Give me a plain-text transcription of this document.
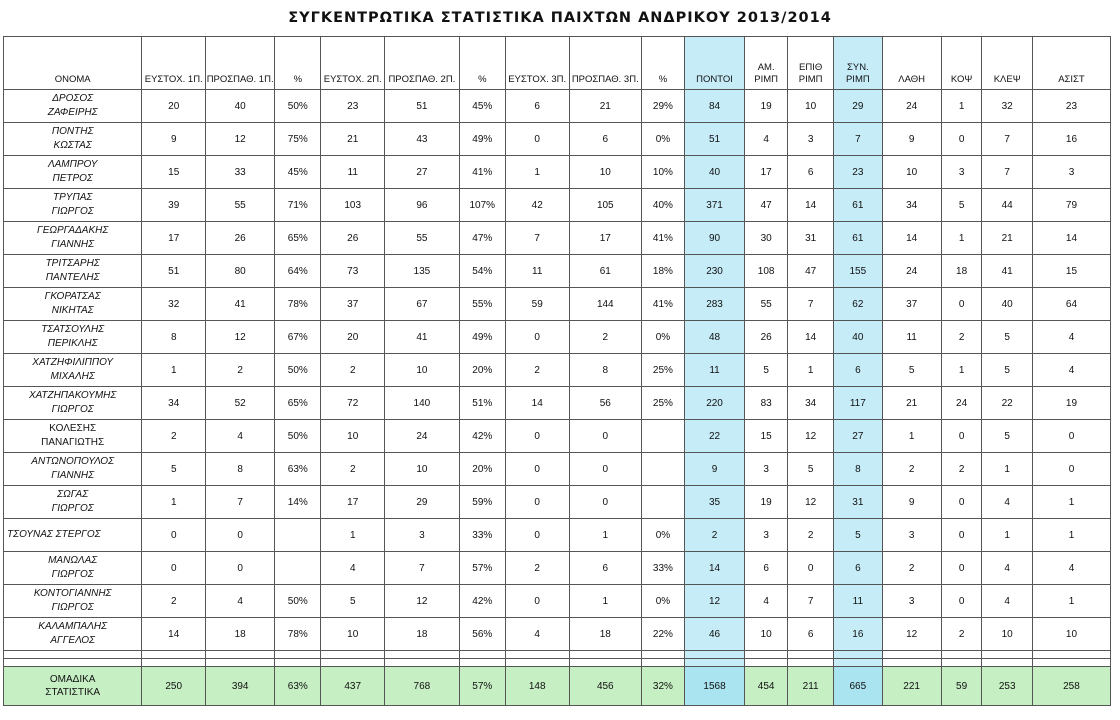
ΣΥΓΚΕΝΤΡΩΤΙΚΑ ΣΤΑΤΙΣΤΙΚΑ ΠΑΙΧΤΩΝ ΑΝΔΡΙΚΟΥ 2013/2014
ΟΝΟΜΑ	ΕΥΣΤΟΧ. 1Π.	ΠΡΟΣΠΑΘ. 1Π.	%	ΕΥΣΤΟΧ. 2Π.	ΠΡΟΣΠΑΘ. 2Π.	%	ΕΥΣΤΟΧ. 3Π.	ΠΡΟΣΠΑΘ. 3Π.	%	ΠΟΝΤΟΙ	ΑΜ. ΡΙΜΠ	ΕΠΙΘ ΡΙΜΠ	ΣΥΝ. ΡΙΜΠ	ΛΑΘΗ	ΚΟΨ	ΚΛΕΨ	ΑΣΙΣΤ

ΔΡΟΣΟΣ
ΖΑΦΕΙΡΗΣ	20	40	50%	23	51	45%	6	21	29%	84	19	10	29	24	1	32	23

ΠΟΝΤΗΣ
ΚΩΣΤΑΣ	9	12	75%	21	43	49%	0	6	0%	51	4	3	7	9	0	7	16

ΛΑΜΠΡΟΥ
ΠΕΤΡΟΣ	15	33	45%	11	27	41%	1	10	10%	40	17	6	23	10	3	7	3

ΤΡΥΠΑΣ
ΓΙΩΡΓΟΣ	39	55	71%	103	96	107%	42	105	40%	371	47	14	61	34	5	44	79

ΓΕΩΡΓΑΔΑΚΗΣ
ΓΙΑΝΝΗΣ	17	26	65%	26	55	47%	7	17	41%	90	30	31	61	14	1	21	14

ΤΡΙΤΣΑΡΗΣ
ΠΑΝΤΕΛΗΣ	51	80	64%	73	135	54%	11	61	18%	230	108	47	155	24	18	41	15

ΓΚΟΡΑΤΣΑΣ
ΝΙΚΗΤΑΣ	32	41	78%	37	67	55%	59	144	41%	283	55	7	62	37	0	40	64

ΤΣΑΤΣΟΥΛΗΣ
ΠΕΡΙΚΛΗΣ	8	12	67%	20	41	49%	0	2	0%	48	26	14	40	11	2	5	4

ΧΑΤΖΗΦΙΛΙΠΠΟΥ
ΜΙΧΑΛΗΣ	1	2	50%	2	10	20%	2	8	25%	11	5	1	6	5	1	5	4

ΧΑΤΖΗΠΑΚΟΥΜΗΣ
ΓΙΩΡΓΟΣ	34	52	65%	72	140	51%	14	56	25%	220	83	34	117	21	24	22	19

ΚΟΛΕΣΗΣ
ΠΑΝΑΓΙΩΤΗΣ	2	4	50%	10	24	42%	0	0		22	15	12	27	1	0	5	0

ΑΝΤΩΝΟΠΟΥΛΟΣ
ΓΙΑΝΝΗΣ	5	8	63%	2	10	20%	0	0		9	3	5	8	2	2	1	0

ΣΩΓΑΣ
ΓΙΩΡΓΟΣ	1	7	14%	17	29	59%	0	0		35	19	12	31	9	0	4	1

ΤΣΟΥΝΑΣ ΣΤΕΡΓΟΣ	0	0		1	3	33%	0	1	0%	2	3	2	5	3	0	1	1

ΜΑΝΩΛΑΣ
ΓΙΩΡΓΟΣ	0	0		4	7	57%	2	6	33%	14	6	0	6	2	0	4	4

ΚΟΝΤΟΓΙΑΝΝΗΣ
ΓΙΩΡΓΟΣ	2	4	50%	5	12	42%	0	1	0%	12	4	7	11	3	0	4	1

ΚΑΛΑΜΠΑΛΗΣ
ΑΓΓΕΛΟΣ	14	18	78%	10	18	56%	4	18	22%	46	10	6	16	12	2	10	10

ΟΜΑΔΙΚΑ
ΣΤΑΤΙΣΤΙΚΑ	250	394	63%	437	768	57%	148	456	32%	1568	454	211	665	221	59	253	258
